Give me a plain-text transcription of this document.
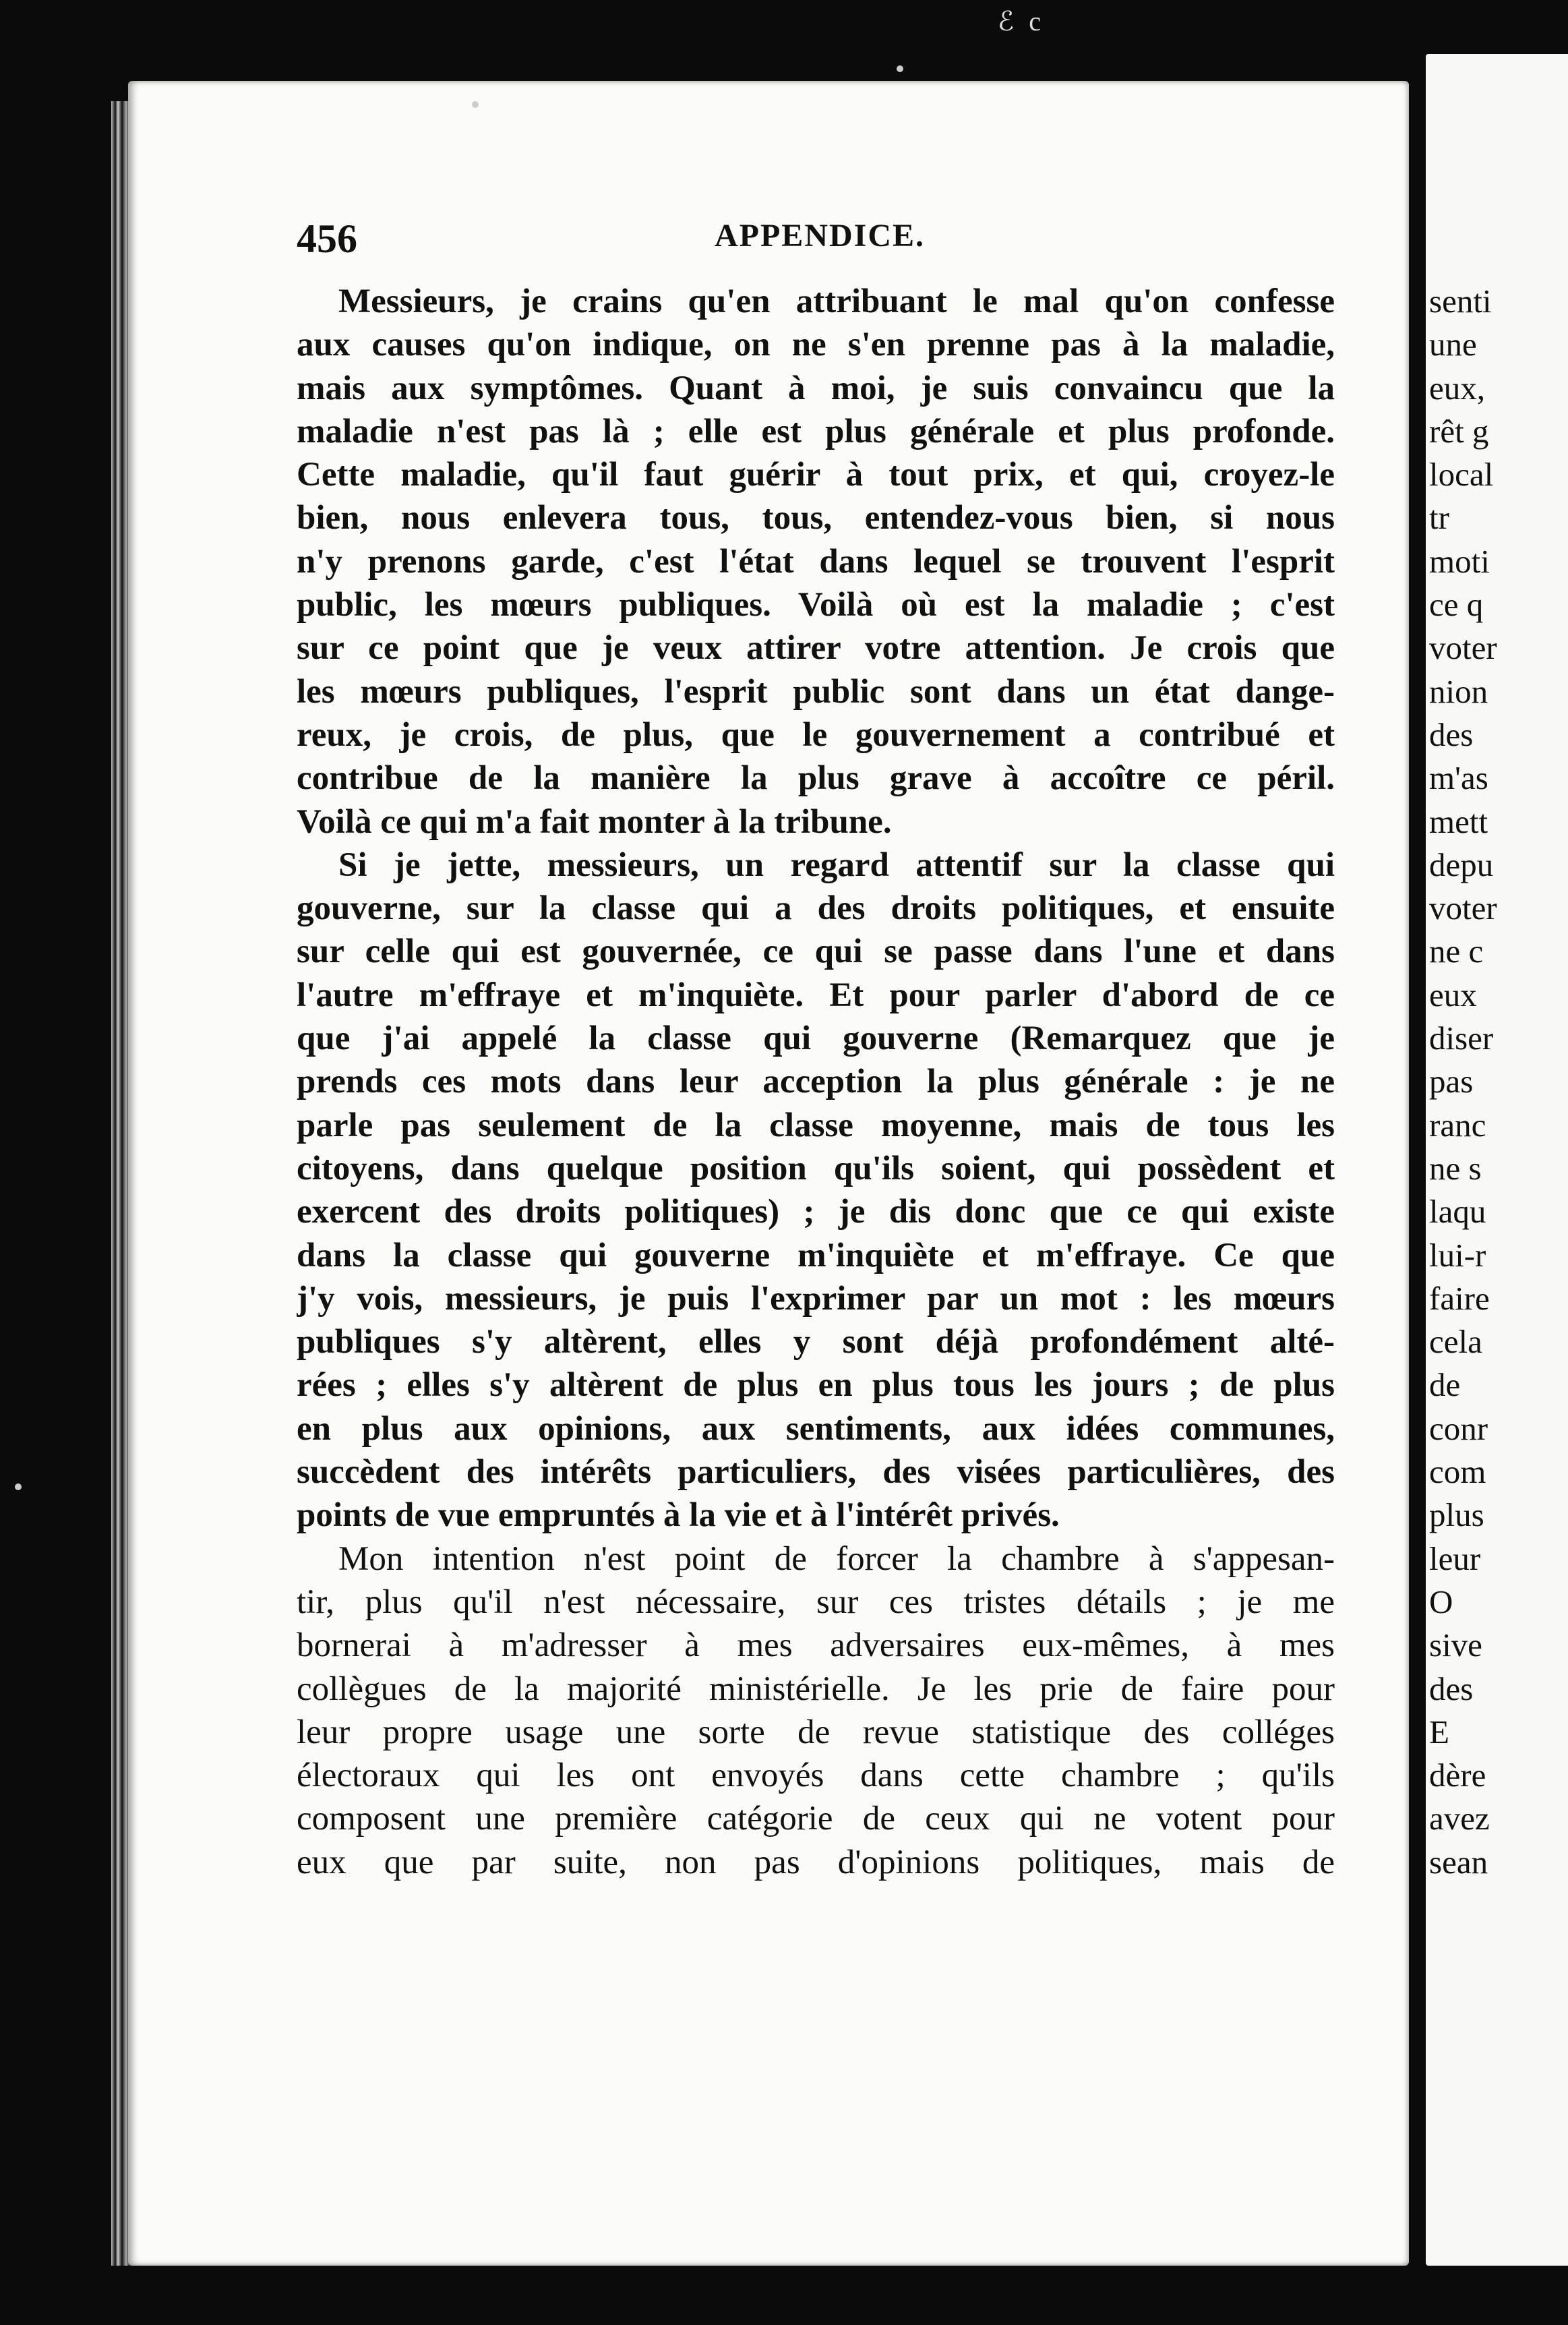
ℰ c
456	APPENDICE.
Messieurs, je crains qu'en attribuant le mal qu'on confesse
aux causes qu'on indique, on ne s'en prenne pas à la maladie,
mais aux symptômes. Quant à moi, je suis convaincu que la
maladie n'est pas là ; elle est plus générale et plus profonde.
Cette maladie, qu'il faut guérir à tout prix, et qui, croyez-le
bien, nous enlevera tous, tous, entendez-vous bien, si nous
n'y prenons garde, c'est l'état dans lequel se trouvent l'esprit
public, les mœurs publiques. Voilà où est la maladie ; c'est
sur ce point que je veux attirer votre attention. Je crois que
les mœurs publiques, l'esprit public sont dans un état dange-
reux, je crois, de plus, que le gouvernement a contribué et
contribue de la manière la plus grave à accoître ce péril.
Voilà ce qui m'a fait monter à la tribune.
Si je jette, messieurs, un regard attentif sur la classe qui
gouverne, sur la classe qui a des droits politiques, et ensuite
sur celle qui est gouvernée, ce qui se passe dans l'une et dans
l'autre m'effraye et m'inquiète. Et pour parler d'abord de ce
que j'ai appelé la classe qui gouverne (Remarquez que je
prends ces mots dans leur acception la plus générale : je ne
parle pas seulement de la classe moyenne, mais de tous les
citoyens, dans quelque position qu'ils soient, qui possèdent et
exercent des droits politiques) ; je dis donc que ce qui existe
dans la classe qui gouverne m'inquiète et m'effraye. Ce que
j'y vois, messieurs, je puis l'exprimer par un mot : les mœurs
publiques s'y altèrent, elles y sont déjà profondément alté-
rées ; elles s'y altèrent de plus en plus tous les jours ; de plus
en plus aux opinions, aux sentiments, aux idées communes,
succèdent des intérêts particuliers, des visées particulières, des
points de vue empruntés à la vie et à l'intérêt privés.
Mon intention n'est point de forcer la chambre à s'appesan-
tir, plus qu'il n'est nécessaire, sur ces tristes détails ; je me
bornerai à m'adresser à mes adversaires eux-mêmes, à mes
collègues de la majorité ministérielle. Je les prie de faire pour
leur propre usage une sorte de revue statistique des colléges
électoraux qui les ont envoyés dans cette chambre ; qu'ils
composent une première catégorie de ceux qui ne votent pour
eux que par suite, non pas d'opinions politiques, mais de
senti
une
eux,
rêt g
local
tr
moti
ce q
voter
nion
des
m'as
mett
depu
voter
ne c
eux
diser
pas
ranc
ne s
laqu
lui-r
faire
cela
de
conr
com
plus
leur
O
sive
des
E
dère
avez
sean
